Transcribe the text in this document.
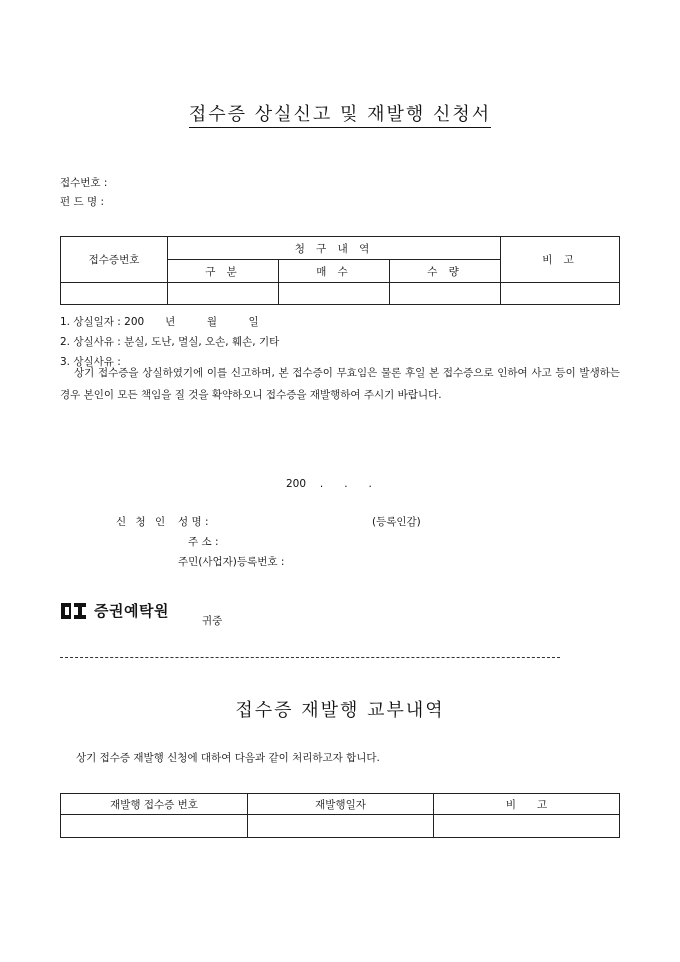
접수증 상실신고 및 재발행 신청서
접수번호 :
펀 드 명 :
접수증번호	청 구 내 역			비 고
	구 분	매 수	수 량	

1. 상실일자 : 200　　년　　　월　　　일
2. 상실사유 : 분실, 도난, 멸실, 오손, 훼손, 기타
3. 상실사유 :
상기 접수증을 상실하였기에 이를 신고하며, 본 접수증이 무효임은 물론 후일 본 접수증으로 인하여 사고 등이 발생하는 경우 본인이 모든 책임을 질 것을 확약하오니 접수증을 재발행하여 주시기 바랍니다.
200　 .　　.　　.
신 청 인 성 명 :	(등록인감)
주 소 :
주민(사업자)등록번호 :
증권예탁원
귀중
접수증 재발행 교부내역
상기 접수증 재발행 신청에 대하여 다음과 같이 처리하고자 합니다.
재발행 접수증 번호	재발행일자	비　　고
